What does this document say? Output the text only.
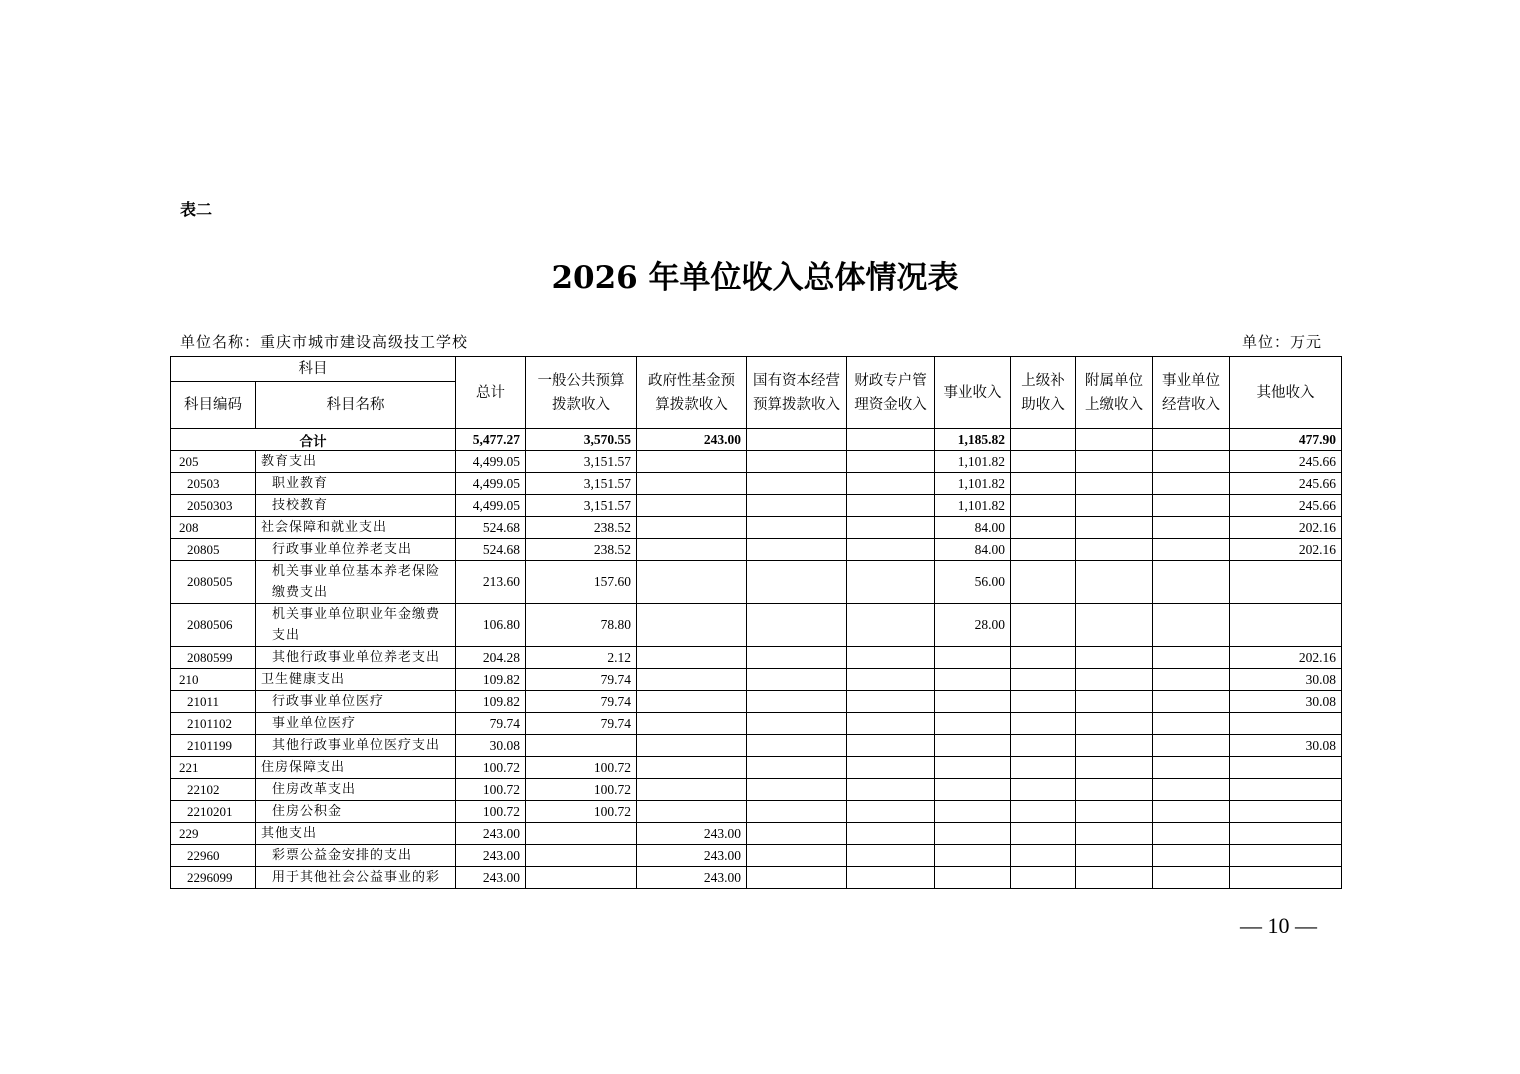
表二
2026 年单位收入总体情况表
单位名称：重庆市城市建设高级技工学校	单位：万元
科目		总计	一般公共预算拨款收入	政府性基金预算拨款收入	国有资本经营预算拨款收入	财政专户管理资金收入	事业收入	上级补助收入	附属单位上缴收入	事业单位经营收入	其他收入
科目编码	科目名称										
合计		5,477.27	3,570.55	243.00			1,185.82				477.90
205	教育支出	4,499.05	3,151.57				1,101.82				245.66
20503	职业教育	4,499.05	3,151.57				1,101.82				245.66
2050303	技校教育	4,499.05	3,151.57				1,101.82				245.66
208	社会保障和就业支出	524.68	238.52				84.00				202.16
20805	行政事业单位养老支出	524.68	238.52				84.00				202.16
2080505	机关事业单位基本养老保险缴费支出	213.60	157.60				56.00				
2080506	机关事业单位职业年金缴费支出	106.80	78.80				28.00				
2080599	其他行政事业单位养老支出	204.28	2.12								202.16
210	卫生健康支出	109.82	79.74								30.08
21011	行政事业单位医疗	109.82	79.74								30.08
2101102	事业单位医疗	79.74	79.74								
2101199	其他行政事业单位医疗支出	30.08									30.08
221	住房保障支出	100.72	100.72								
22102	住房改革支出	100.72	100.72								
2210201	住房公积金	100.72	100.72								
229	其他支出	243.00		243.00							
22960	彩票公益金安排的支出	243.00		243.00							
2296099	用于其他社会公益事业的彩	243.00		243.00							
— 10 —
